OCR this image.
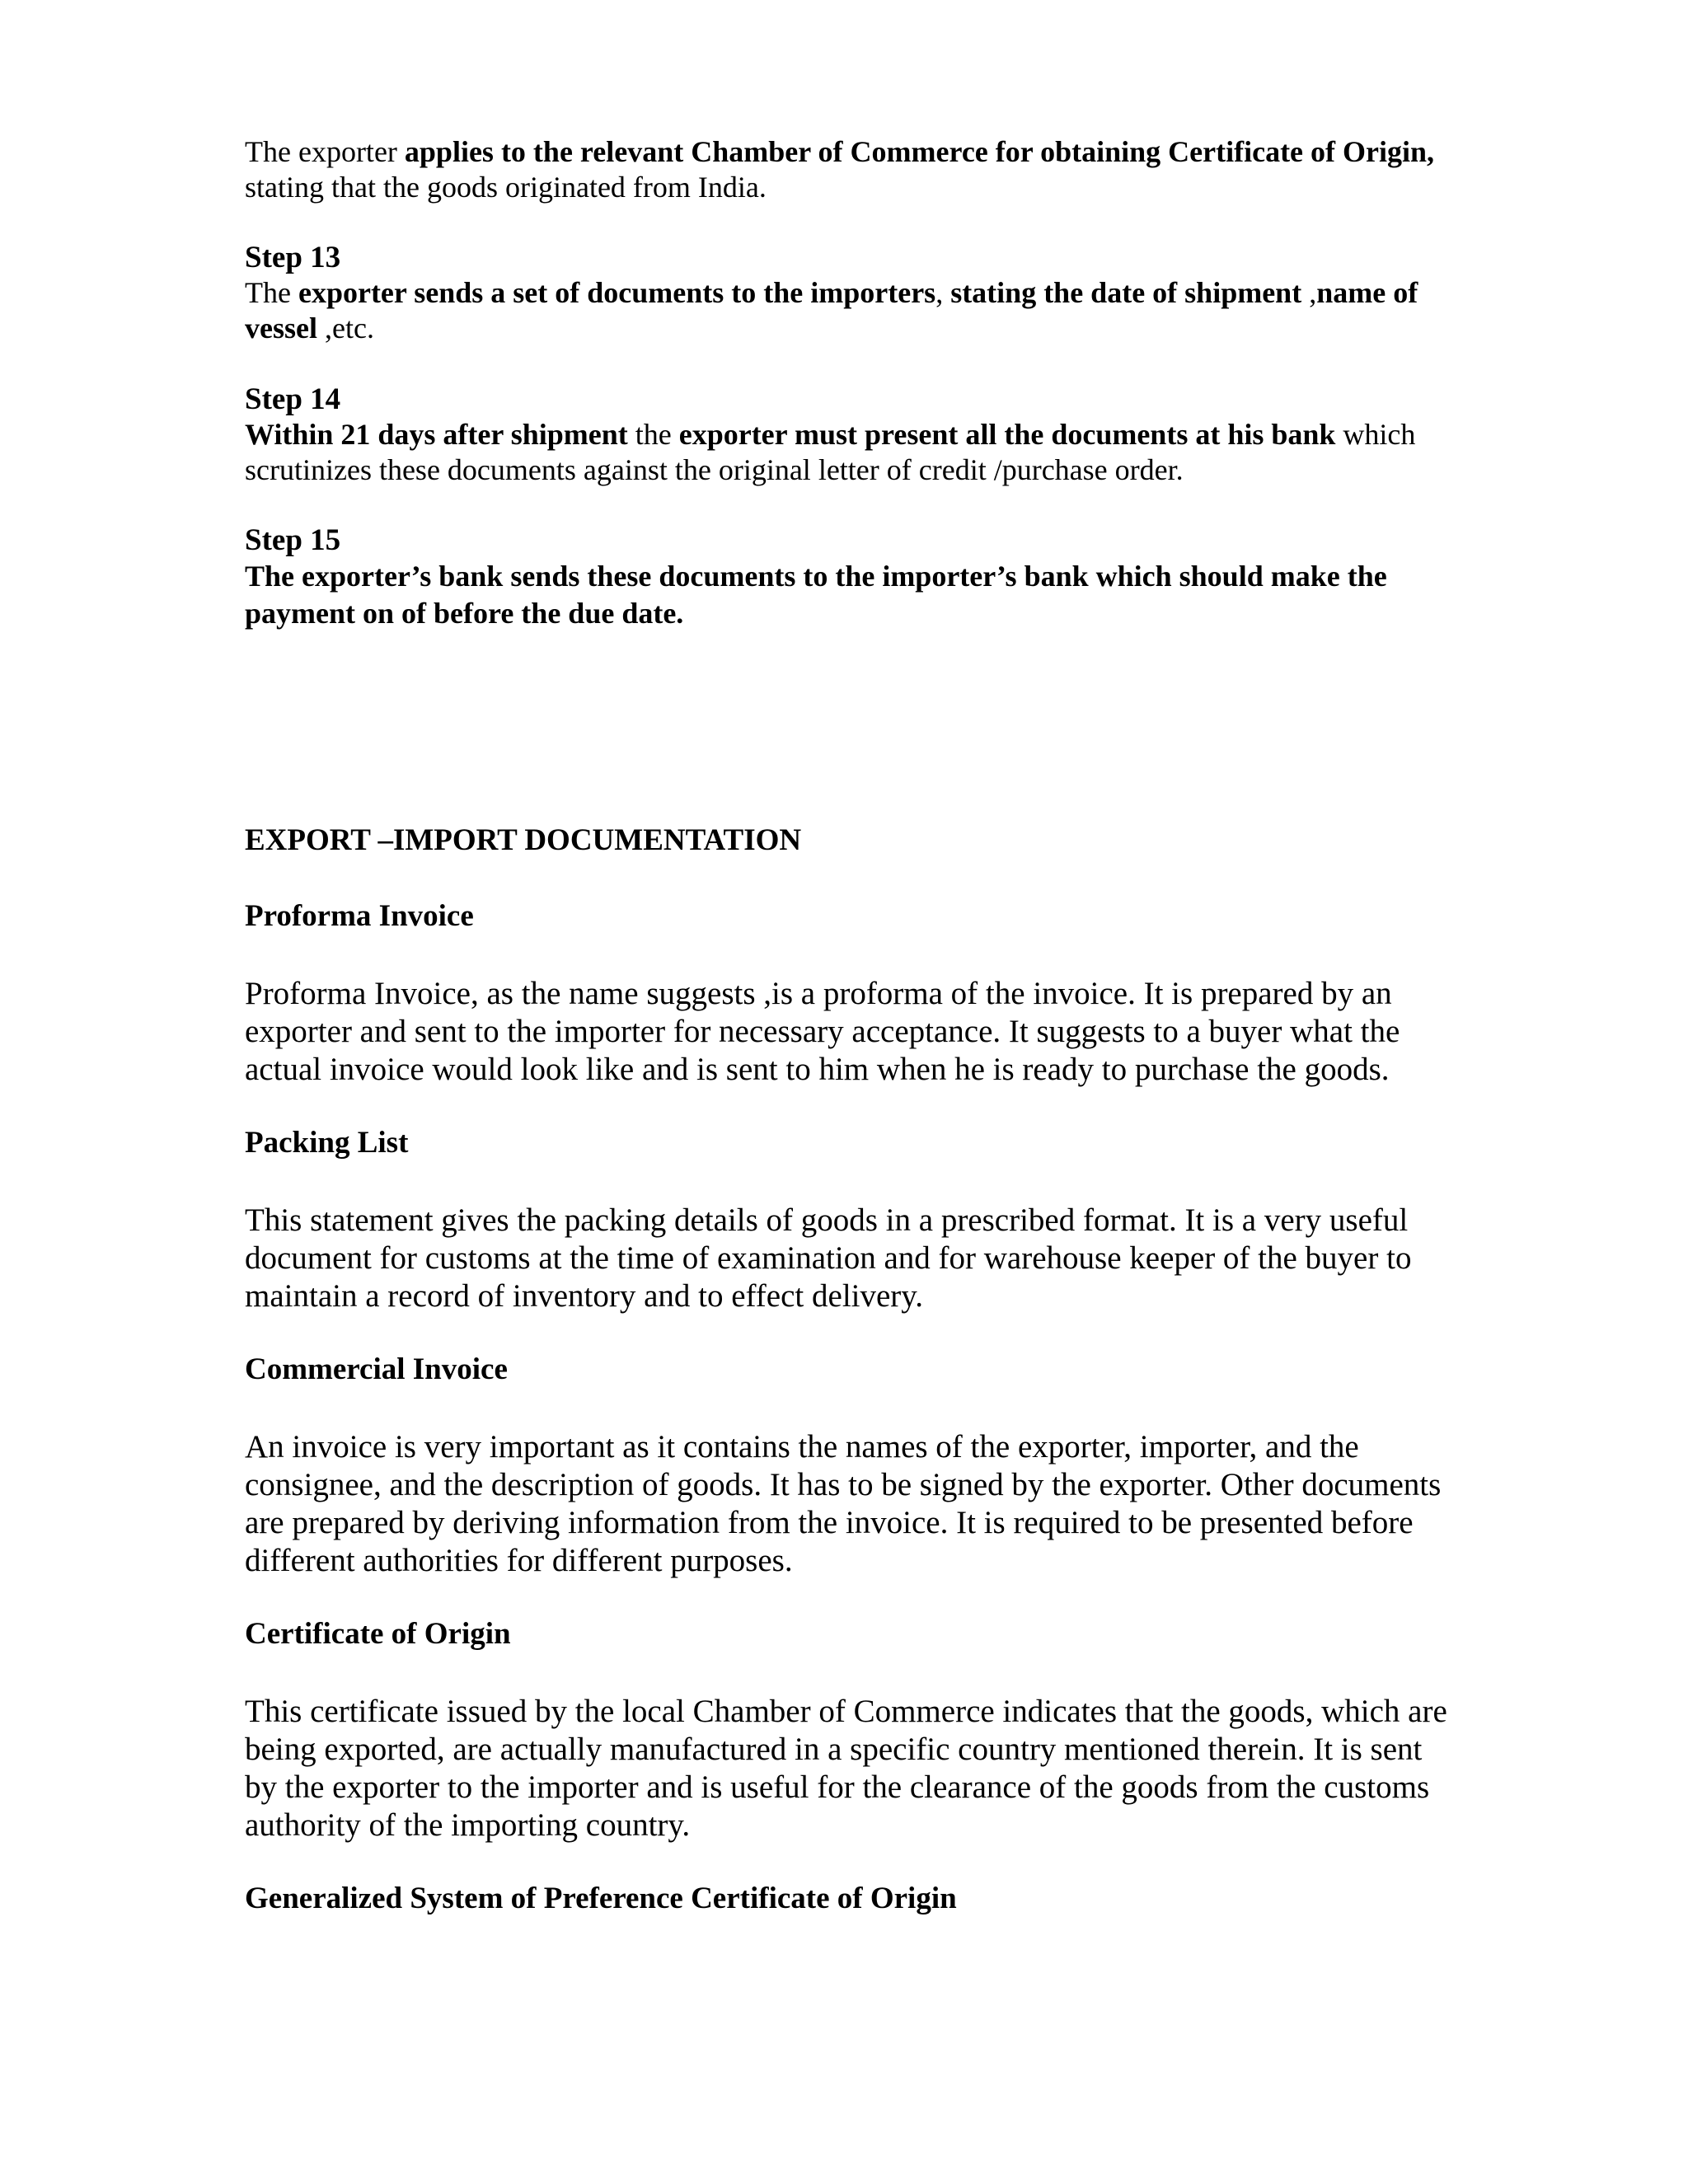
The exporter applies to the relevant Chamber of Commerce for obtaining Certificate of Origin, stating that the goods originated from India.
Step 13
The exporter sends a set of documents to the importers, stating the date of shipment ,name of vessel ,etc.
Step 14
Within 21 days after shipment the exporter must present all the documents at his bank which scrutinizes these documents against the original letter of credit /purchase order.
Step 15
The exporter’s bank sends these documents to the importer’s bank which should make the payment on of before the due date.
EXPORT –IMPORT DOCUMENTATION
Proforma Invoice
Proforma Invoice, as the name suggests ,is a proforma of the invoice. It is prepared by an exporter and sent to the importer for necessary acceptance. It suggests to a buyer what the actual invoice would look like and is sent to him when he is ready to purchase the goods.
Packing List
This statement gives the packing details of goods in a prescribed format. It is a very useful document for customs at the time of examination and for warehouse keeper of the buyer to maintain a record of inventory and to effect delivery.
Commercial Invoice
An invoice is very important as it contains the names of the exporter, importer, and the consignee, and the description of goods. It has to be signed by the exporter. Other documents are prepared by deriving information from the invoice. It is required to be presented before different authorities for different purposes.
Certificate of Origin
This certificate issued by the local Chamber of Commerce indicates that the goods, which are being exported, are actually manufactured in a specific country mentioned therein. It is sent by the exporter to the importer and is useful for the clearance of the goods from the customs authority of the importing country.
Generalized System of Preference Certificate of Origin
